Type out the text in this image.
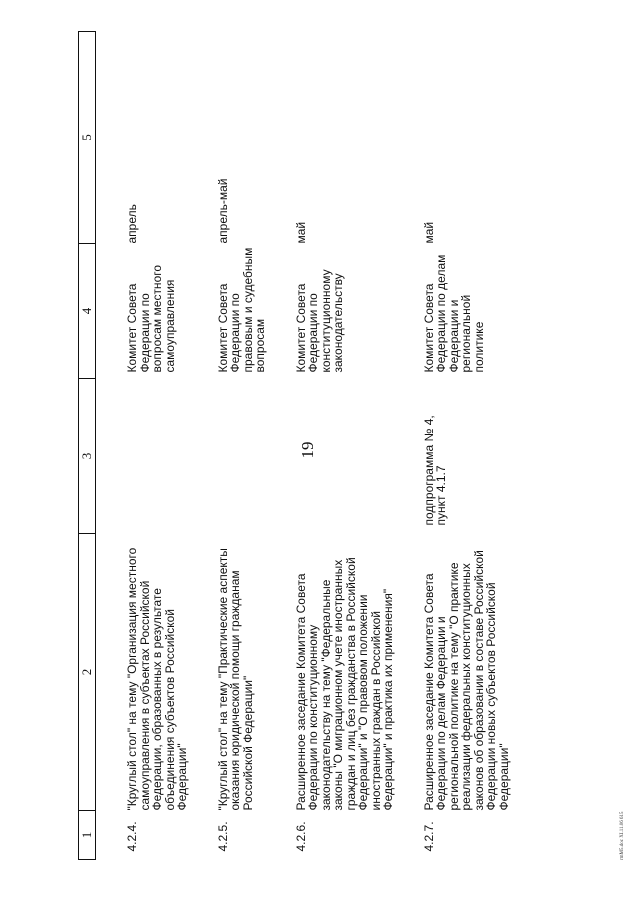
19
1	2	3	4	5
4.2.4.	"Круглый стол" на тему "Организация местного самоуправления в субъектах Российской Федерации, образованных в результате объединения субъектов Российской Федерации"		Комитет Совета Федерации по вопросам местного самоуправления	апрель
4.2.5.	"Круглый стол" на тему "Практические аспекты оказания юридической помощи гражданам Российской Федерации"		Комитет Совета Федерации по правовым и судебным вопросам	апрель-май
4.2.6.	Расширенное заседание Комитета Совета Федерации по конституционному законодательству на тему "Федеральные законы "О миграционном учете иностранных граждан и лиц без гражданства в Российской Федерации" и "О правовом положении иностранных граждан в Российской Федерации" и практика их применения"		Комитет Совета Федерации по конституционному законодательству	май
4.2.7.	Расширенное заседание Комитета Совета Федерации по делам Федерации и региональной политике на тему "О практике реализации федеральных конституционных законов об образовании в составе Российской Федерации новых субъектов Российской Федерации"	подпрограмма № 4, пункт 4.1.7	Комитет Совета Федерации по делам Федерации и региональной политике	май
rmM5.doc XI.11.06 615
